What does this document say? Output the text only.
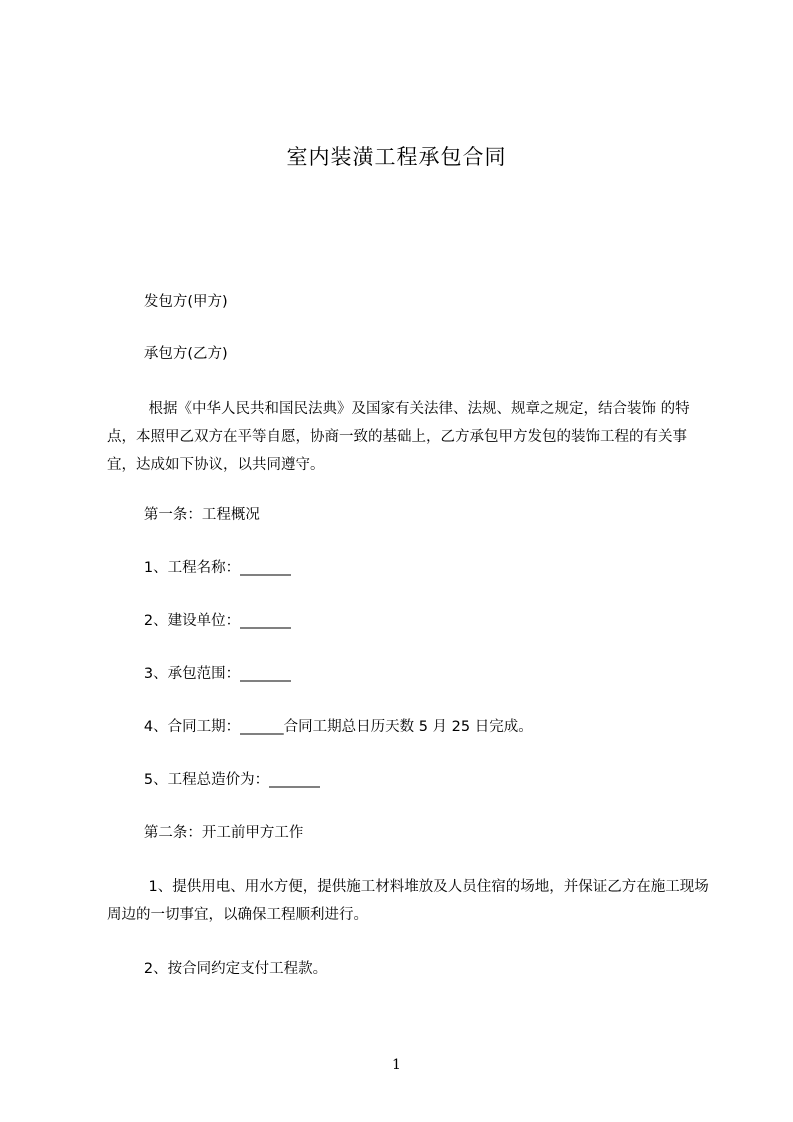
室内装潢工程承包合同
发包方(甲方)
承包方(乙方)
根据《中华人民共和国民法典》及国家有关法律、法规、规章之规定，结合装饰 的特点，本照甲乙双方在平等自愿，协商一致的基础上，乙方承包甲方发包的装饰工程的有关事宜，达成如下协议，以共同遵守。
第一条：工程概况
1、工程名称：_______
2、建设单位：_______
3、承包范围：_______
4、合同工期：______合同工期总日历天数 5 月 25 日完成。
5、工程总造价为：_______
第二条：开工前甲方工作
1、提供用电、用水方便，提供施工材料堆放及人员住宿的场地，并保证乙方在施工现场周边的一切事宜，以确保工程顺利进行。
2、按合同约定支付工程款。
1
